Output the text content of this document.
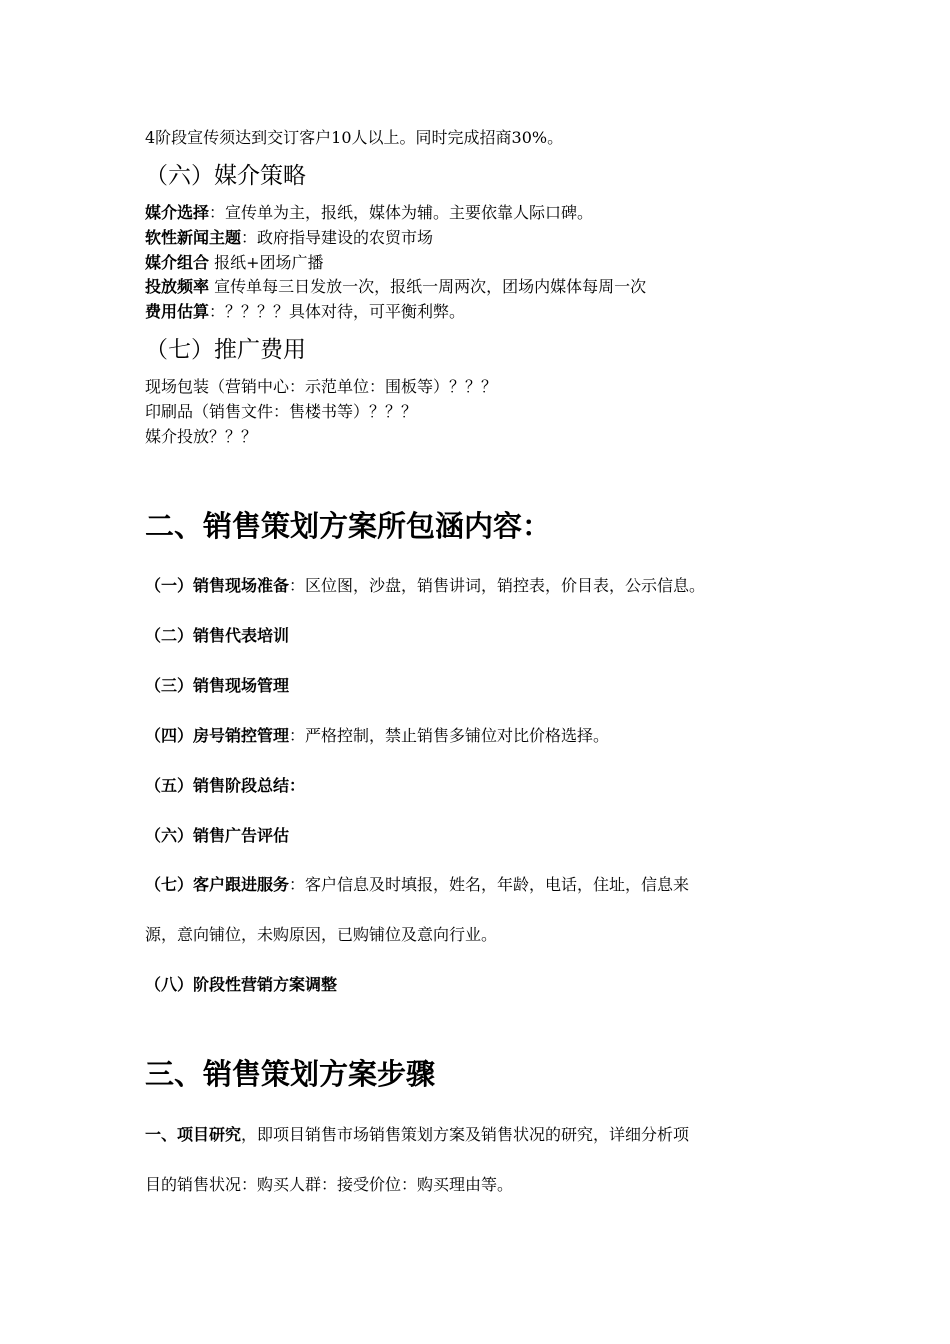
4阶段宣传须达到交订客户10人以上。同时完成招商30%。
（六）媒介策略
媒介选择：宣传单为主，报纸，媒体为辅。主要依靠人际口碑。
软性新闻主题：政府指导建设的农贸市场
媒介组合 报纸+团场广播
投放频率 宣传单每三日发放一次，报纸一周两次，团场内媒体每周一次
费用估算：？？？？具体对待，可平衡利弊。
（七）推广费用
现场包装（营销中心：示范单位：围板等）？？？
印刷品（销售文件：售楼书等）？？？
媒介投放？？？
二、销售策划方案所包涵内容：
（一）销售现场准备：区位图，沙盘，销售讲词，销控表，价目表，公示信息。
（二）销售代表培训
（三）销售现场管理
（四）房号销控管理：严格控制，禁止销售多铺位对比价格选择。
（五）销售阶段总结：
（六）销售广告评估
（七）客户跟进服务：客户信息及时填报，姓名，年龄，电话，住址，信息来
源，意向铺位，未购原因，已购铺位及意向行业。
（八）阶段性营销方案调整
三、销售策划方案步骤
一、项目研究，即项目销售市场销售策划方案及销售状况的研究，详细分析项
目的销售状况：购买人群：接受价位：购买理由等。
